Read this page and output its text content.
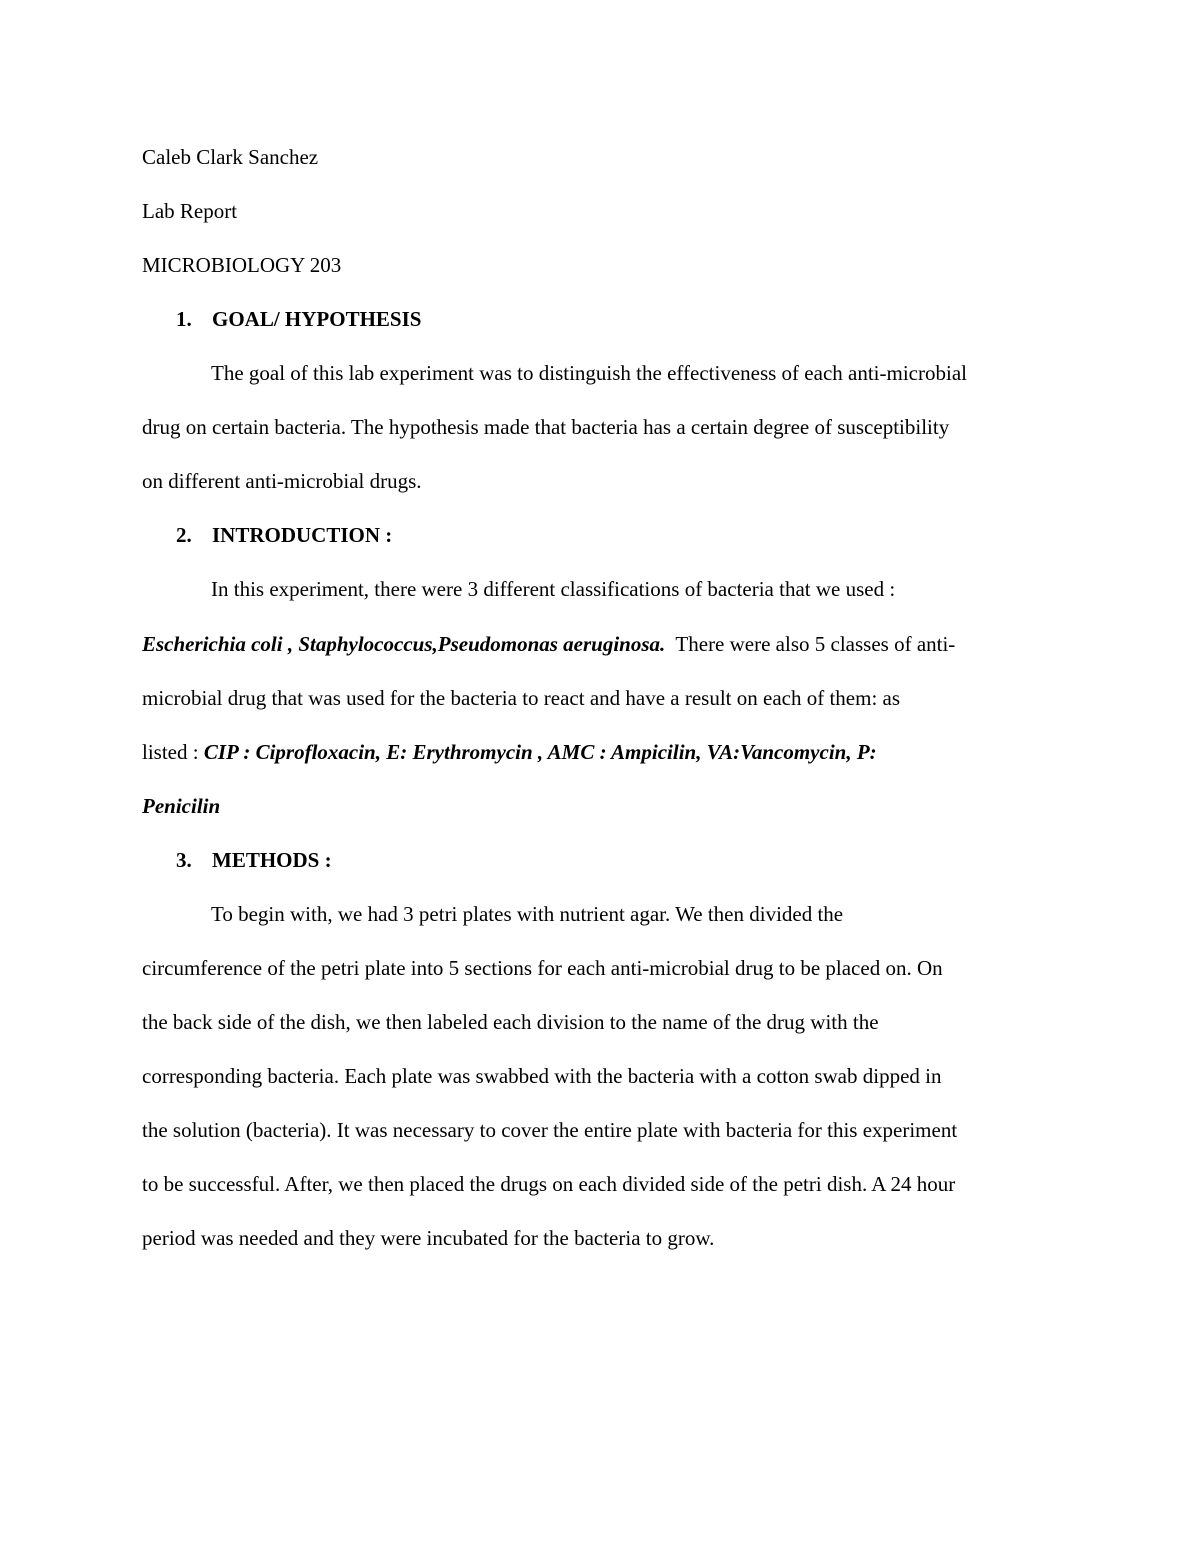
Caleb Clark Sanchez
Lab Report
MICROBIOLOGY 203
1. GOAL/ HYPOTHESIS
The goal of this lab experiment was to distinguish the effectiveness of each anti-microbial
drug on certain bacteria. The hypothesis made that bacteria has a certain degree of susceptibility
on different anti-microbial drugs.
2. INTRODUCTION :
In this experiment, there were 3 different classifications of bacteria that we used :
Escherichia coli , Staphylococcus,Pseudomonas aeruginosa.  There were also 5 classes of anti-
microbial drug that was used for the bacteria to react and have a result on each of them: as
listed : CIP : Ciprofloxacin, E: Erythromycin , AMC : Ampicilin, VA:Vancomycin, P:
Penicilin
3. METHODS :
To begin with, we had 3 petri plates with nutrient agar. We then divided the
circumference of the petri plate into 5 sections for each anti-microbial drug to be placed on. On
the back side of the dish, we then labeled each division to the name of the drug with the
corresponding bacteria. Each plate was swabbed with the bacteria with a cotton swab dipped in
the solution (bacteria). It was necessary to cover the entire plate with bacteria for this experiment
to be successful. After, we then placed the drugs on each divided side of the petri dish. A 24 hour
period was needed and they were incubated for the bacteria to grow.
